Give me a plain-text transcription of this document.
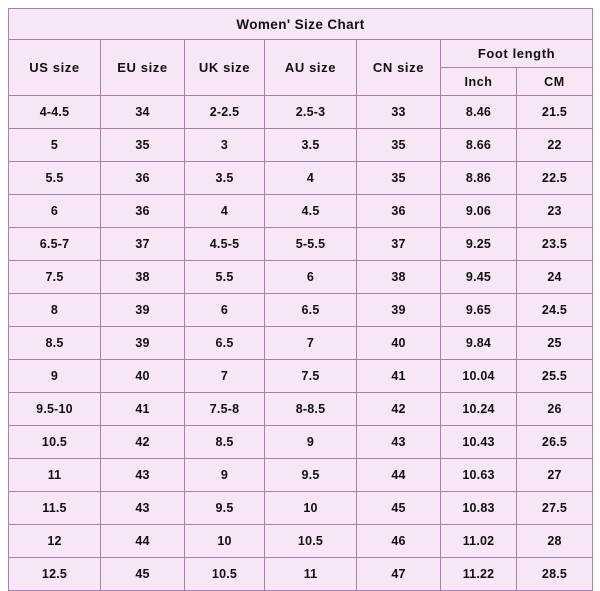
Women' Size Chart						
US size	EU size	UK size	AU size	CN size	Foot length	
					Inch	CM
4-4.5	34	2-2.5	2.5-3	33	8.46	21.5
5	35	3	3.5	35	8.66	22
5.5	36	3.5	4	35	8.86	22.5
6	36	4	4.5	36	9.06	23
6.5-7	37	4.5-5	5-5.5	37	9.25	23.5
7.5	38	5.5	6	38	9.45	24
8	39	6	6.5	39	9.65	24.5
8.5	39	6.5	7	40	9.84	25
9	40	7	7.5	41	10.04	25.5
9.5-10	41	7.5-8	8-8.5	42	10.24	26
10.5	42	8.5	9	43	10.43	26.5
11	43	9	9.5	44	10.63	27
11.5	43	9.5	10	45	10.83	27.5
12	44	10	10.5	46	11.02	28
12.5	45	10.5	11	47	11.22	28.5
